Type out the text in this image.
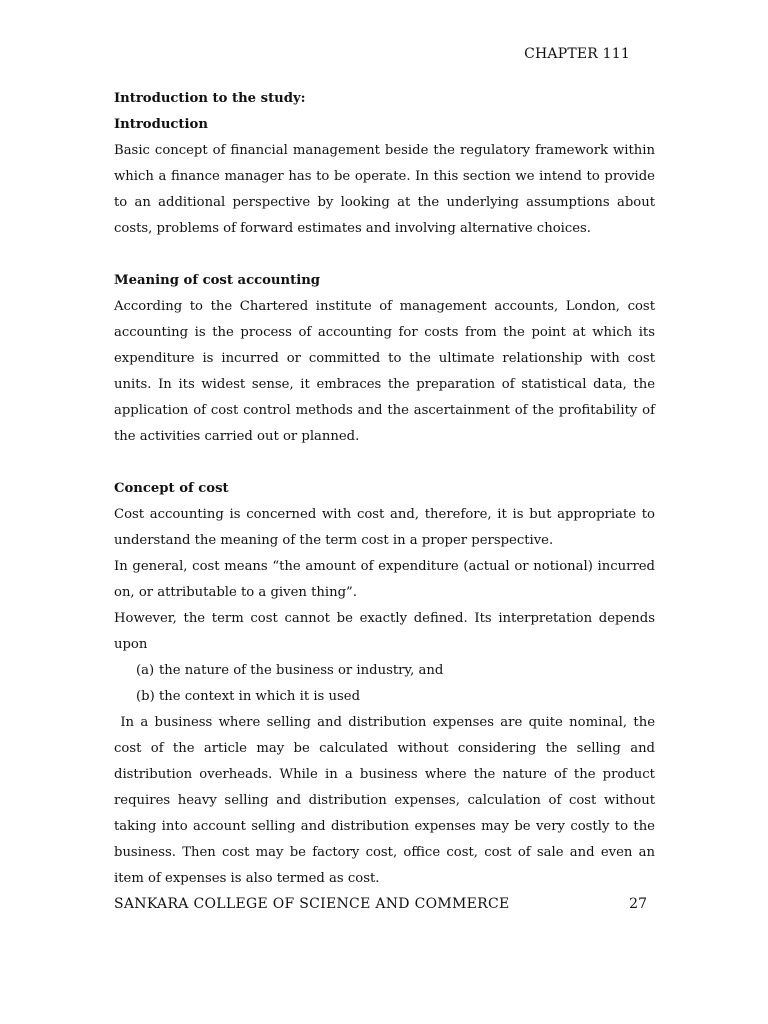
CHAPTER 111

Introduction to the study:

Introduction

Basic concept of financial management beside the regulatory framework within which a finance manager has to be operate. In this section we intend to provide to an additional perspective by looking at the underlying assumptions about costs, problems of forward estimates and involving alternative choices.

Meaning of cost accounting

According to the Chartered institute of management accounts, London, cost accounting is the process of accounting for costs from the point at which its expenditure is incurred or committed to the ultimate relationship with cost units. In its widest sense, it embraces the preparation of statistical data, the application of cost control methods and the ascertainment of the profitability of the activities carried out or planned.

Concept of cost

Cost accounting is concerned with cost and, therefore, it is but appropriate to understand the meaning of the term cost in a proper perspective.

In general, cost means “the amount of expenditure (actual or notional) incurred on, or attributable to a given thing”.

However, the term cost cannot be exactly defined. Its interpretation depends upon

(a) the nature of the business or industry, and

(b) the context in which it is used

In a business where selling and distribution expenses are quite nominal, the cost of the article may be calculated without considering the selling and distribution overheads. While in a business where the nature of the product requires heavy selling and distribution expenses, calculation of cost without taking into account selling and distribution expenses may be very costly to the business. Then cost may be factory cost, office cost, cost of sale and even an item of expenses is also termed as cost.

SANKARA COLLEGE OF SCIENCE AND COMMERCE	27
